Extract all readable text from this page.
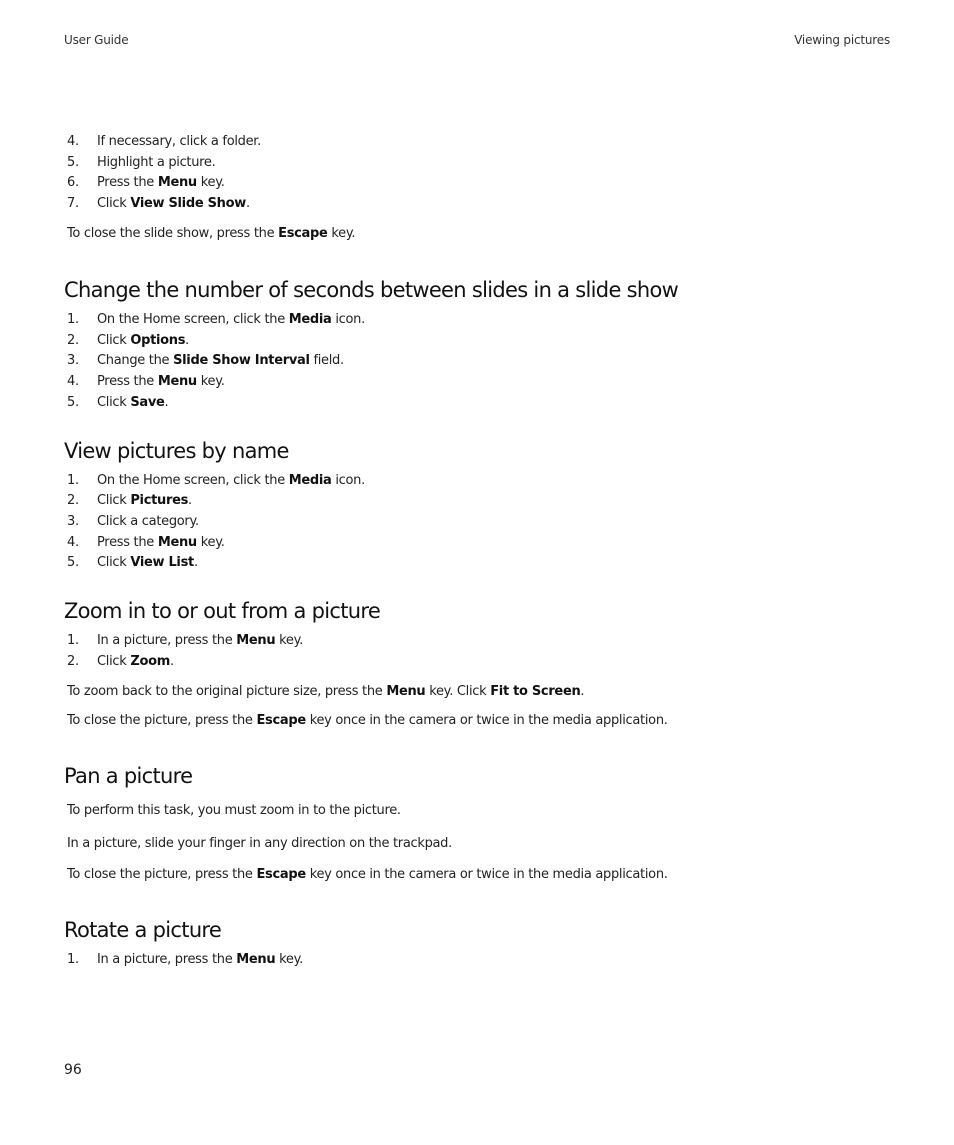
User Guide	Viewing pictures
4.	If necessary, click a folder.
5.	Highlight a picture.
6.	Press the Menu key.
7.	Click View Slide Show.

To close the slide show, press the Escape key.

Change the number of seconds between slides in a slide show
1.	On the Home screen, click the Media icon.
2.	Click Options.
3.	Change the Slide Show Interval field.
4.	Press the Menu key.
5.	Click Save.
View pictures by name
1.	On the Home screen, click the Media icon.
2.	Click Pictures.
3.	Click a category.
4.	Press the Menu key.
5.	Click View List.
Zoom in to or out from a picture
1.	In a picture, press the Menu key.
2.	Click Zoom.

To zoom back to the original picture size, press the Menu key. Click Fit to Screen.

To close the picture, press the Escape key once in the camera or twice in the media application.

Pan a picture

To perform this task, you must zoom in to the picture.

In a picture, slide your finger in any direction on the trackpad.

To close the picture, press the Escape key once in the camera or twice in the media application.

Rotate a picture
1.	In a picture, press the Menu key.
96
